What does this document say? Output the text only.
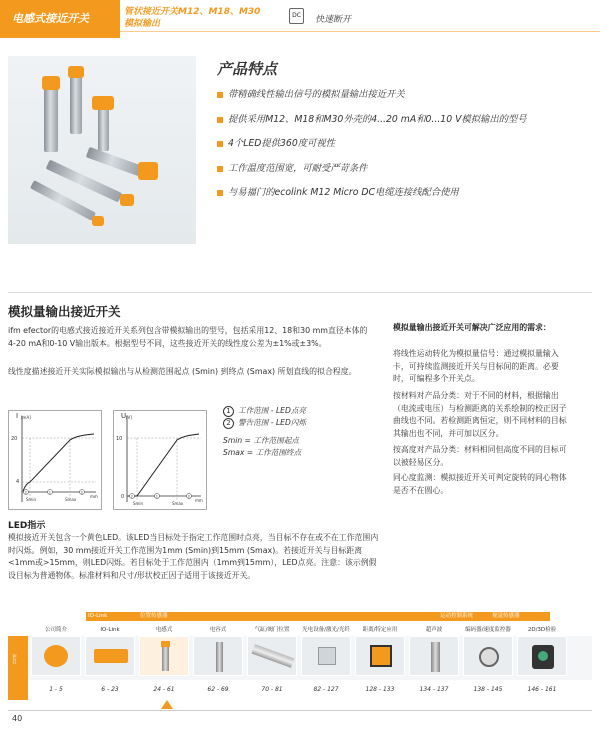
电感式接近开关	管状接近开关M12、M18、M30
模拟输出
DC	快速断开
产品特点
带精确线性输出信号的模拟量输出接近开关
提供采用M12、M18和M30外壳的4...20 mA和0...10 V模拟输出的型号
4个LED提供360度可视性
工作温度范围宽，可耐受严苛条件
与易福门的ecolink M12 Micro DC电缆连接线配合使用
模拟量输出接近开关
ifm efector的电感式接近接近开关系列包含带模拟输出的型号，包括采用12、18和30 mm直径本体的4-20 mA和0-10 V输出版本。根据型号不同，这些接近开关的线性度公差为±1%或±3%。
线性度描述接近开关实际模拟输出与从检测范围起点 (Smin) 到终点 (Smax) 所划直线的拟合程度。
模拟量输出接近开关可解决广泛应用的需求：
将线性运动转化为模拟量信号：通过模拟量输入卡，可持续监测接近开关与目标间的距离。必要时，可编程多个开关点。
按材料对产品分类：对于不同的材料，根据输出（电流或电压）与检测距离的关系绘制的校正因子曲线也不同。若检测距离恒定，则不同材料的目标其输出也不同，并可加以区分。
按高度对产品分类：材料相同但高度不同的目标可以被轻易区分。
同心度监测：模拟接近开关可判定旋转的同心物体是否不在圆心。
I [mA]
20
4
Smin	Smax
mm
2	1	2
U [V]
10
0
Smin	Smax
mm
2	1	2
1 工作范围 - LED点亮
2 警告范围 - LED闪烁
Smin = 工作范围起点
Smax = 工作范围终点
LED指示
模拟接近开关包含一个黄色LED。该LED当目标处于指定工作范围时点亮，当目标不存在或不在工作范围内时闪烁。例如，30 mm接近开关工作范围为1mm (Smin)到15mm (Smax)。若接近开关与目标距离<1mm或>15mm，则LED闪烁。若目标处于工作范围内（1mm到15mm），LED点亮。注意：该示例假设目标为普通物体。标准材料和尺寸/形状校正因子适用于该接近开关。
目录
IO-Link	位置传感器	运动控制系统	视觉传感器
公司简介
1 - 5
IO-Link
6 - 23
电感式
24 - 61
电容式
62 - 69
气缸/阀门位置
70 - 81
光电设备/激光/光纤
82 - 127
距离/特定应用
128 - 133
超声波
134 - 137
编码器/速度监控器
138 - 145
2D/3D检验
146 - 161
40
